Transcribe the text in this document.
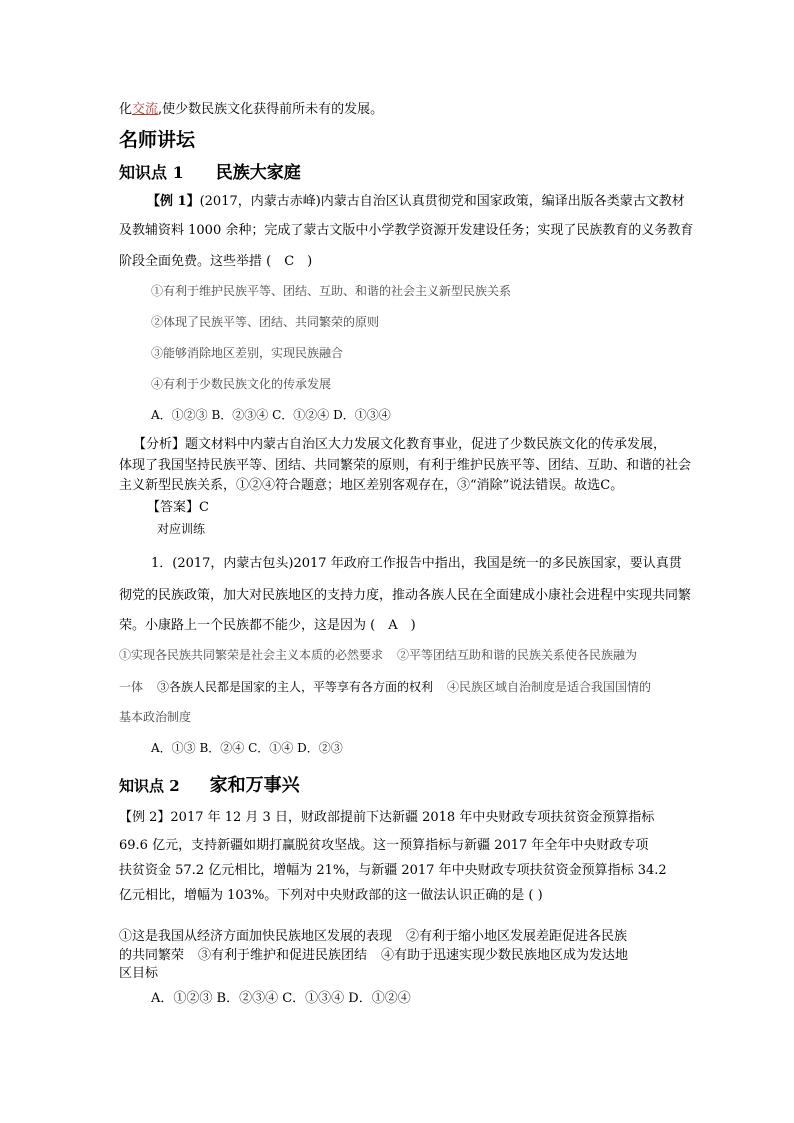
化交流,使少数民族文化获得前所未有的发展。
名师讲坛
知识点 1 民族大家庭
【例 1】(2017，内蒙古赤峰)内蒙古自治区认真贯彻党和国家政策，编译出版各类蒙古文教材
及教辅资料 1000 余种；完成了蒙古文版中小学教学资源开发建设任务；实现了民族教育的义务教育
阶段全面免费。这些举措 (　C　)
①有利于维护民族平等、团结、互助、和谐的社会主义新型民族关系
②体现了民族平等、团结、共同繁荣的原则
③能够消除地区差别，实现民族融合
④有利于少数民族文化的传承发展
A．①②③ B．②③④ C．①②④ D．①③④
【分析】题文材料中内蒙古自治区大力发展文化教育事业，促进了少数民族文化的传承发展，
体现了我国坚持民族平等、团结、共同繁荣的原则，有利于维护民族平等、团结、互助、和谐的社会
主义新型民族关系，①②④符合题意；地区差别客观存在，③“消除”说法错误。故选C。
【答案】C
对应训练
1．(2017，内蒙古包头)2017 年政府工作报告中指出，我国是统一的多民族国家，要认真贯
彻党的民族政策，加大对民族地区的支持力度，推动各族人民在全面建成小康社会进程中实现共同繁
荣。小康路上一个民族都不能少，这是因为 (　A　)
①实现各民族共同繁荣是社会主义本质的必然要求 ②平等团结互助和谐的民族关系使各民族融为
一体 ③各族人民都是国家的主人，平等享有各方面的权利 ④民族区域自治制度是适合我国国情的
基本政治制度
A．①③ B．②④ C．①④ D．②③
知识点 2 家和万事兴
【例 2】2017 年 12 月 3 日，财政部提前下达新疆 2018 年中央财政专项扶贫资金预算指标
69.6 亿元，支持新疆如期打赢脱贫攻坚战。这一预算指标与新疆 2017 年全年中央财政专项
扶贫资金 57.2 亿元相比，增幅为 21%，与新疆 2017 年中央财政专项扶贫资金预算指标 34.2
亿元相比，增幅为 103%。下列对中央财政部的这一做法认识正确的是 ( )
①这是我国从经济方面加快民族地区发展的表现 ②有利于缩小地区发展差距促进各民族
的共同繁荣 ③有利于维护和促进民族团结 ④有助于迅速实现少数民族地区成为发达地
区目标
A．①②③ B．②③④ C．①③④ D．①②④
